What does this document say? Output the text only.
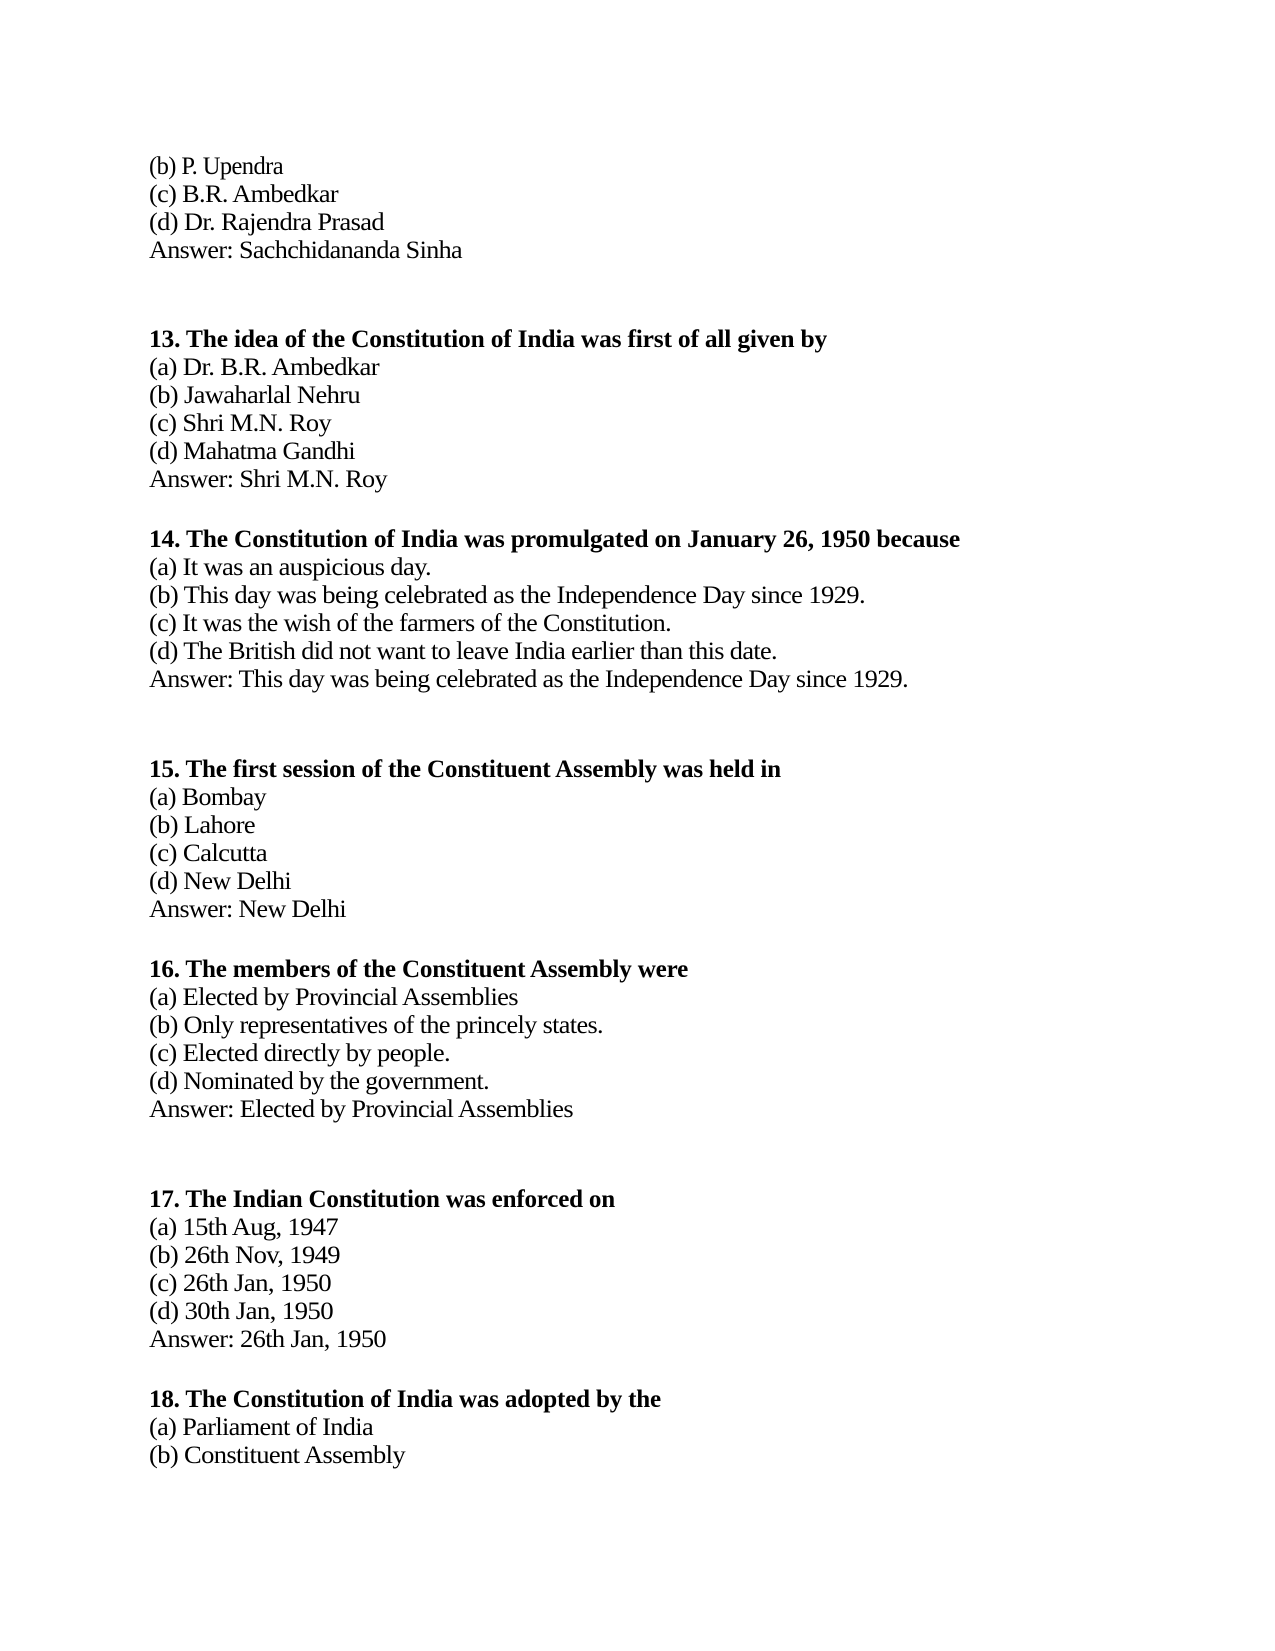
(b) P. Upendra
(c) B.R. Ambedkar
(d) Dr. Rajendra Prasad
Answer: Sachchidananda Sinha
13. The idea of the Constitution of India was first of all given by
(a) Dr. B.R. Ambedkar
(b) Jawaharlal Nehru
(c) Shri M.N. Roy
(d) Mahatma Gandhi
Answer: Shri M.N. Roy
14. The Constitution of India was promulgated on January 26, 1950 because
(a) It was an auspicious day.
(b) This day was being celebrated as the Independence Day since 1929.
(c) It was the wish of the farmers of the Constitution.
(d) The British did not want to leave India earlier than this date.
Answer: This day was being celebrated as the Independence Day since 1929.
15. The first session of the Constituent Assembly was held in
(a) Bombay
(b) Lahore
(c) Calcutta
(d) New Delhi
Answer: New Delhi
16. The members of the Constituent Assembly were
(a) Elected by Provincial Assemblies
(b) Only representatives of the princely states.
(c) Elected directly by people.
(d) Nominated by the government.
Answer: Elected by Provincial Assemblies
17. The Indian Constitution was enforced on
(a) 15th Aug, 1947
(b) 26th Nov, 1949
(c) 26th Jan, 1950
(d) 30th Jan, 1950
Answer: 26th Jan, 1950
18. The Constitution of India was adopted by the
(a) Parliament of India
(b) Constituent Assembly
